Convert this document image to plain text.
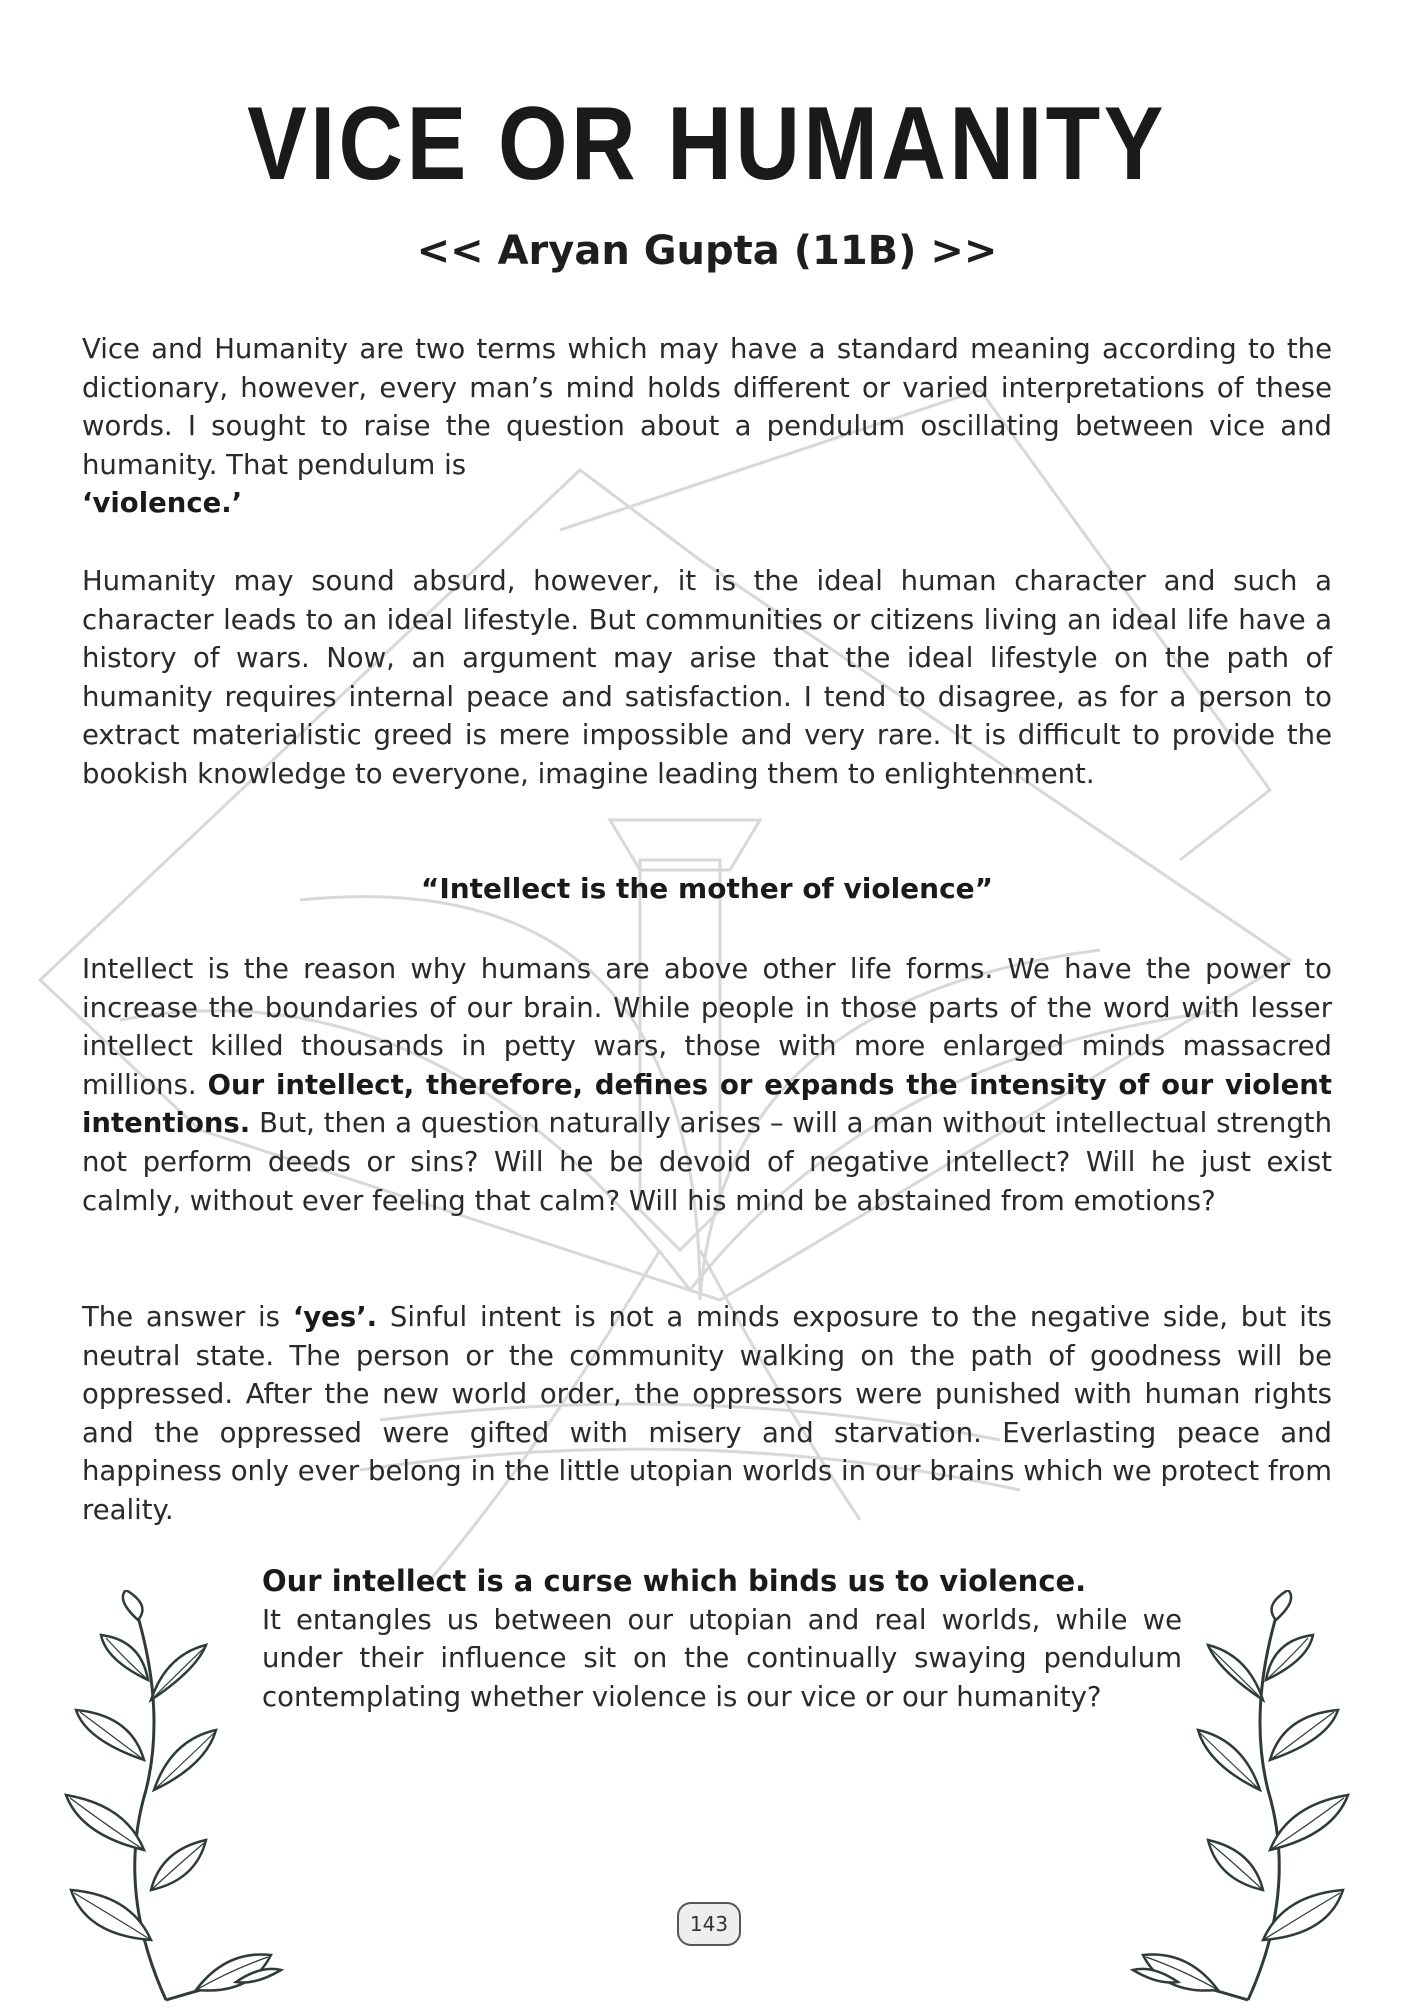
VICE OR HUMANITY
<< Aryan Gupta (11B) >>
Vice and Humanity are two terms which may have a standard meaning according to the dictionary, however, every man’s mind holds different or varied interpretations of these words. I sought to raise the question about a pendulum oscillating between vice and humanity. That pendulum is
‘violence.’
Humanity may sound absurd, however, it is the ideal human character and such a character leads to an ideal lifestyle. But communities or citizens living an ideal life have a history of wars. Now, an argument may arise that the ideal lifestyle on the path of humanity requires internal peace and satisfaction. I tend to disagree, as for a person to extract materialistic greed is mere impossible and very rare. It is difficult to provide the bookish knowledge to everyone, imagine leading them to enlightenment.
“Intellect is the mother of violence”
Intellect is the reason why humans are above other life forms. We have the power to increase the boundaries of our brain. While people in those parts of the word with lesser intellect killed thousands in petty wars, those with more enlarged minds massacred millions. Our intellect, therefore, defines or expands the intensity of our violent intentions. But, then a question naturally arises – will a man without intellectual strength not perform deeds or sins? Will he be devoid of negative intellect? Will he just exist calmly, without ever feeling that calm? Will his mind be abstained from emotions?
The answer is ‘yes’. Sinful intent is not a minds exposure to the negative side, but its neutral state. The person or the community walking on the path of goodness will be oppressed. After the new world order, the oppressors were punished with human rights and the oppressed were gifted with misery and starvation. Everlasting peace and happiness only ever belong in the little utopian worlds in our brains which we protect from reality.
Our intellect is a curse which binds us to violence.
It entangles us between our utopian and real worlds, while we under their influence sit on the continually swaying pendulum contemplating whether violence is our vice or our humanity?
143
